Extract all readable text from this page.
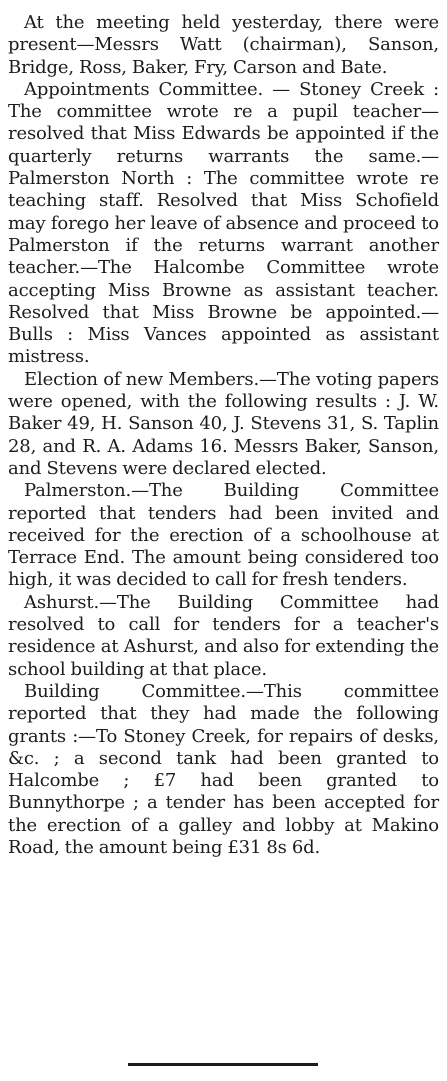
At the meeting held yesterday, there were present—Messrs Watt (chairman), Sanson, Bridge, Ross, Baker, Fry, Carson and Bate.

Appointments Committee. — Stoney Creek : The committee wrote re a pupil teacher—resolved that Miss Edwards be appointed if the quarterly returns warrants the same.—Palmerston North : The committee wrote re teaching staff. Resolved that Miss Schofield may forego her leave of absence and proceed to Palmerston if the returns warrant another teacher.—The Halcombe Committee wrote accepting Miss Browne as assistant teacher. Resolved that Miss Browne be appointed.—Bulls : Miss Vances appointed as assistant mistress.

Election of new Members.—The voting papers were opened, with the following results : J. W. Baker 49, H. Sanson 40, J. Stevens 31, S. Taplin 28, and R. A. Adams 16. Messrs Baker, Sanson, and Stevens were declared elected.

Palmerston.—The Building Committee reported that tenders had been invited and received for the erection of a schoolhouse at Terrace End. The amount being considered too high, it was decided to call for fresh tenders.

Ashurst.—The Building Committee had resolved to call for tenders for a teacher's residence at Ashurst, and also for extending the school building at that place.

Building Committee.—This committee reported that they had made the following grants :—To Stoney Creek, for repairs of desks, &c. ; a second tank had been granted to Halcombe ; £7 had been granted to Bunnythorpe ; a tender has been accepted for the erection of a galley and lobby at Makino Road, the amount being £31 8s 6d.
